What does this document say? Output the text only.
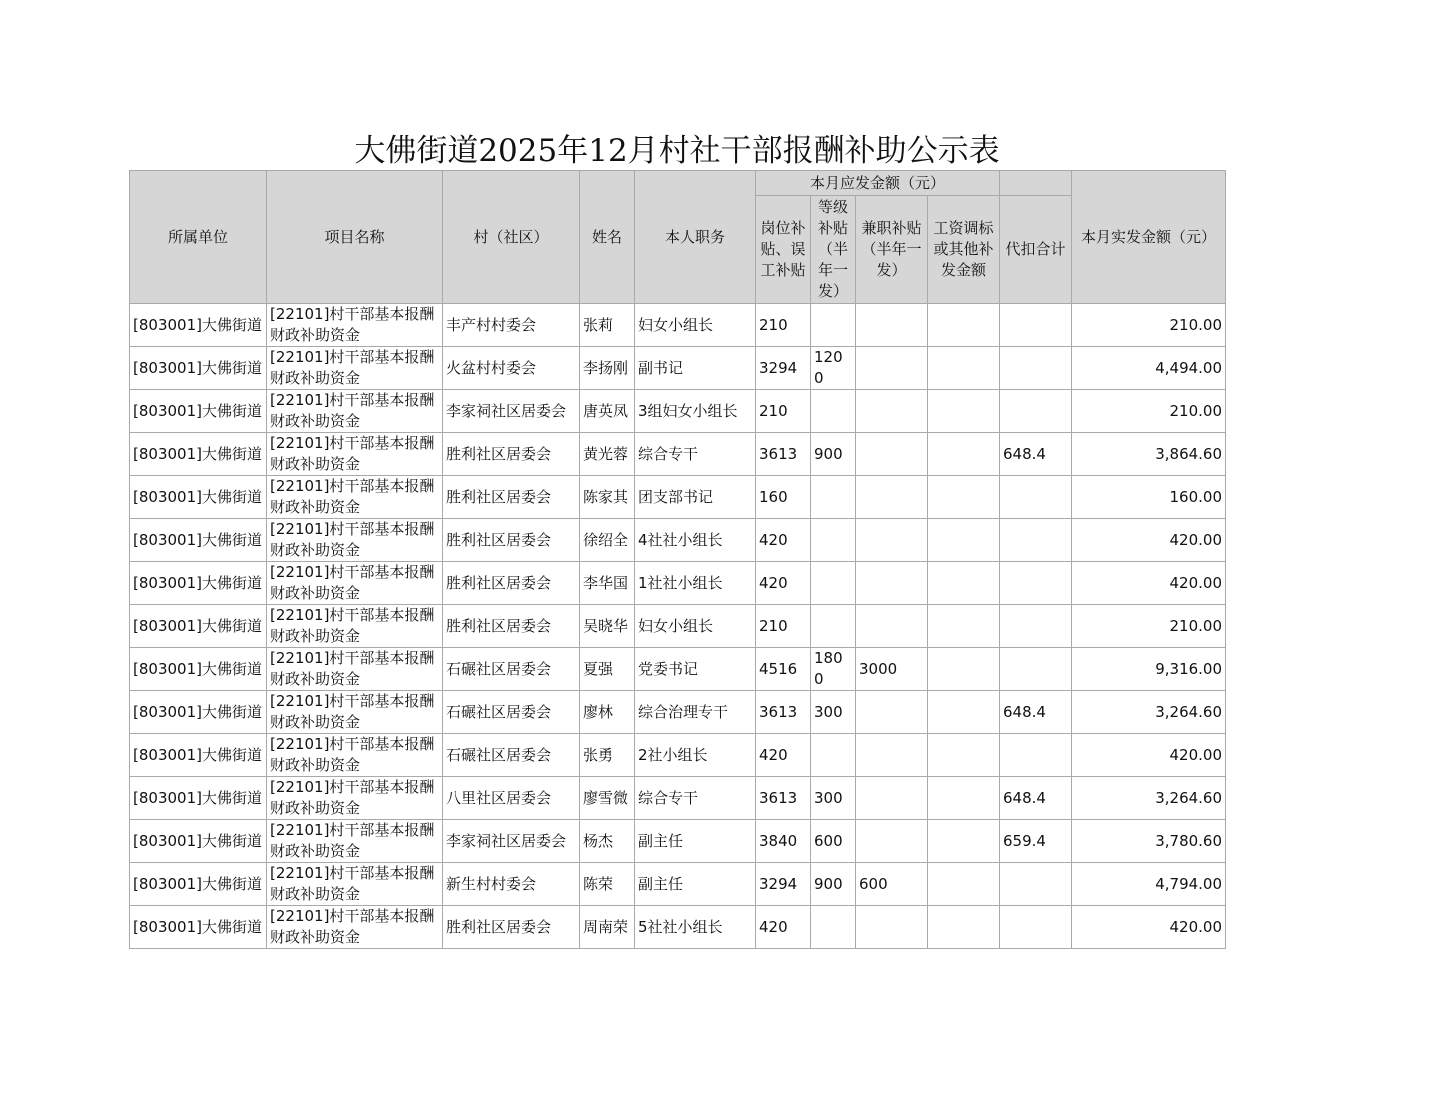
大佛街道2025年12月村社干部报酬补助公示表
所属单位	项目名称	村（社区）	姓名	本人职务	本月应发金额（元）					本月实发金额（元）
					岗位补贴、误工补贴	等级补贴（半年一发）	兼职补贴（半年一发）	工资调标或其他补发金额	代扣合计	
[803001]大佛街道	[22101]村干部基本报酬财政补助资金	丰产村村委会	张莉	妇女小组长	210					210.00
[803001]大佛街道	[22101]村干部基本报酬财政补助资金	火盆村村委会	李扬刚	副书记	3294	1200				4,494.00
[803001]大佛街道	[22101]村干部基本报酬财政补助资金	李家祠社区居委会	唐英凤	3组妇女小组长	210					210.00
[803001]大佛街道	[22101]村干部基本报酬财政补助资金	胜利社区居委会	黄光蓉	综合专干	3613	900			648.4	3,864.60
[803001]大佛街道	[22101]村干部基本报酬财政补助资金	胜利社区居委会	陈家其	团支部书记	160					160.00
[803001]大佛街道	[22101]村干部基本报酬财政补助资金	胜利社区居委会	徐绍全	4社社小组长	420					420.00
[803001]大佛街道	[22101]村干部基本报酬财政补助资金	胜利社区居委会	李华国	1社社小组长	420					420.00
[803001]大佛街道	[22101]村干部基本报酬财政补助资金	胜利社区居委会	吴晓华	妇女小组长	210					210.00
[803001]大佛街道	[22101]村干部基本报酬财政补助资金	石碾社区居委会	夏强	党委书记	4516	1800	3000			9,316.00
[803001]大佛街道	[22101]村干部基本报酬财政补助资金	石碾社区居委会	廖林	综合治理专干	3613	300			648.4	3,264.60
[803001]大佛街道	[22101]村干部基本报酬财政补助资金	石碾社区居委会	张勇	2社小组长	420					420.00
[803001]大佛街道	[22101]村干部基本报酬财政补助资金	八里社区居委会	廖雪微	综合专干	3613	300			648.4	3,264.60
[803001]大佛街道	[22101]村干部基本报酬财政补助资金	李家祠社区居委会	杨杰	副主任	3840	600			659.4	3,780.60
[803001]大佛街道	[22101]村干部基本报酬财政补助资金	新生村村委会	陈荣	副主任	3294	900	600			4,794.00
[803001]大佛街道	[22101]村干部基本报酬财政补助资金	胜利社区居委会	周南荣	5社社小组长	420					420.00
